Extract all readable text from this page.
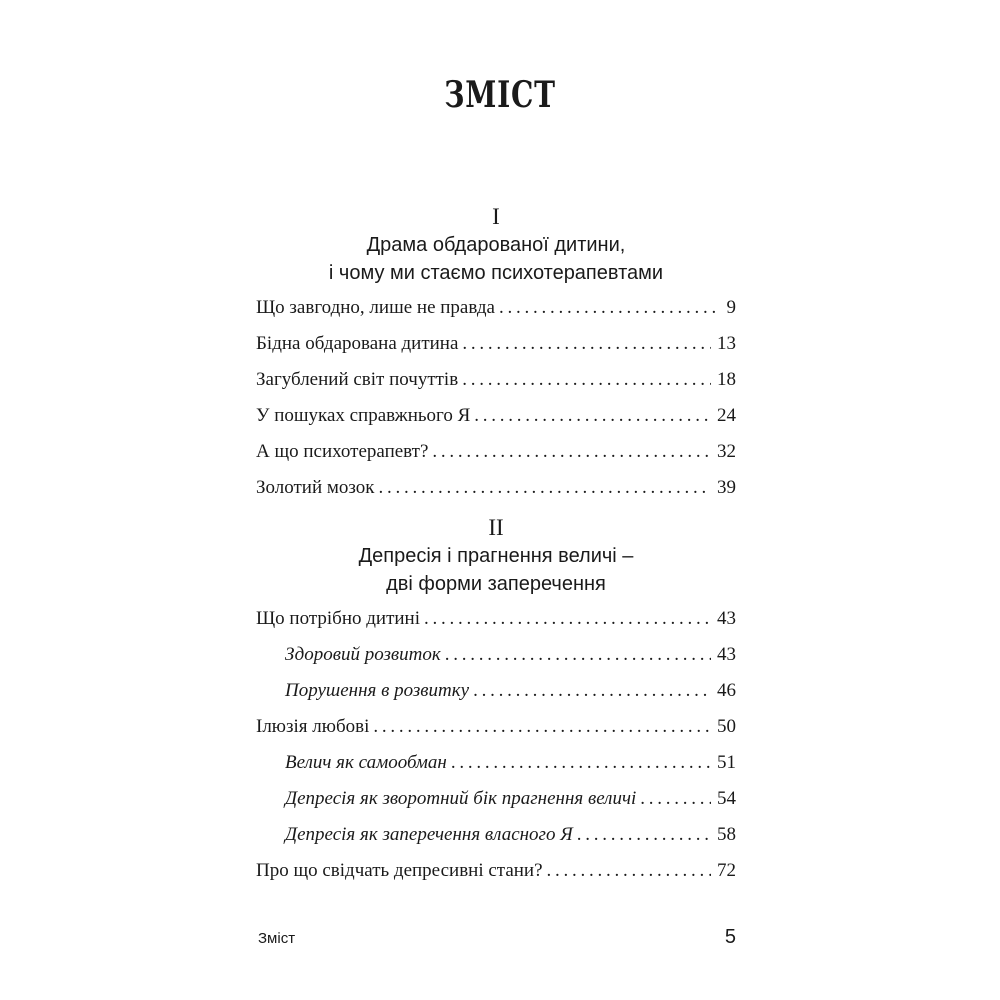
ЗМІСТ
I
Драма обдарованої дитини,
і чому ми стаємо психотерапевтами
Що завгодно, лише не правда . . .	9
Бідна обдарована дитина . . .	13
Загублений світ почуттів . . .	18
У пошуках справжнього Я . . .	24
А що психотерапевт? . . .	32
Золотий мозок . . .	39
II
Депресія і прагнення величі –
дві форми заперечення
Що потрібно дитині . . .	43
Здоровий розвиток . . .	43
Порушення в розвитку . . .	46
Ілюзія любові . . .	50
Велич як самообман . . .	51
Депресія як зворотний бік прагнення величі . . .	54
Депресія як заперечення власного Я . . .	58
Про що свідчать депресивні стани? . . .	72
Зміст	5
